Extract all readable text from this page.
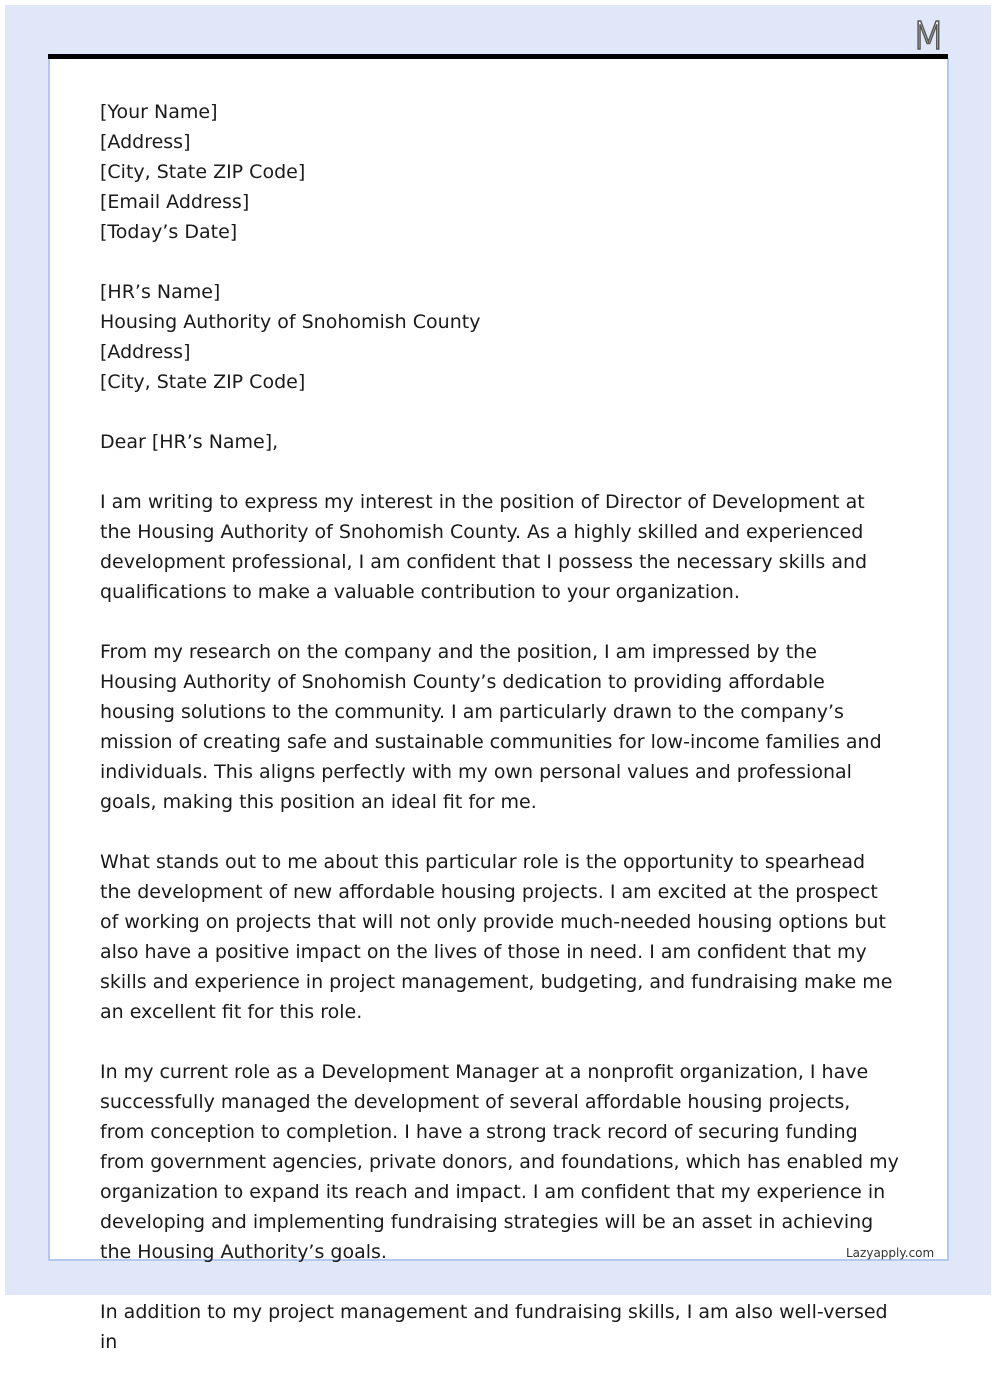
M

[Your Name]
[Address]
[City, State ZIP Code]
[Email Address]
[Today’s Date]

[HR’s Name]
Housing Authority of Snohomish County
[Address]
[City, State ZIP Code]

Dear [HR’s Name],

I am writing to express my interest in the position of Director of Development at the Housing Authority of Snohomish County. As a highly skilled and experienced development professional, I am confident that I possess the necessary skills and qualifications to make a valuable contribution to your organization.

From my research on the company and the position, I am impressed by the Housing Authority of Snohomish County’s dedication to providing affordable housing solutions to the community. I am particularly drawn to the company’s mission of creating safe and sustainable communities for low-income families and individuals. This aligns perfectly with my own personal values and professional goals, making this position an ideal fit for me.

What stands out to me about this particular role is the opportunity to spearhead the development of new affordable housing projects. I am excited at the prospect of working on projects that will not only provide much-needed housing options but also have a positive impact on the lives of those in need. I am confident that my skills and experience in project management, budgeting, and fundraising make me an excellent fit for this role.

In my current role as a Development Manager at a nonprofit organization, I have successfully managed the development of several affordable housing projects, from conception to completion. I have a strong track record of securing funding from government agencies, private donors, and foundations, which has enabled my organization to expand its reach and impact. I am confident that my experience in developing and implementing fundraising strategies will be an asset in achieving the Housing Authority’s goals.

In addition to my project management and fundraising skills, I am also well-versed in

Lazyapply.com
